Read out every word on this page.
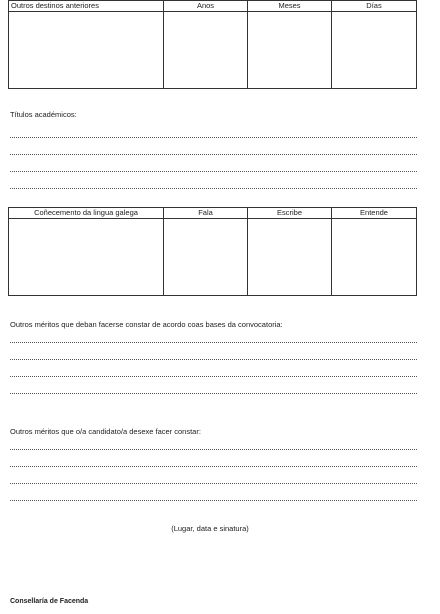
Outros destinos anteriores	Anos	Meses	Días

Títulos académicos:
Coñecemento da lingua galega	Fala	Escribe	Entende

Outros méritos que deban facerse constar de acordo coas bases da convocatoria:
Outros méritos que o/a candidato/a desexe facer constar:
(Lugar, data e sinatura)
Consellaría de Facenda
